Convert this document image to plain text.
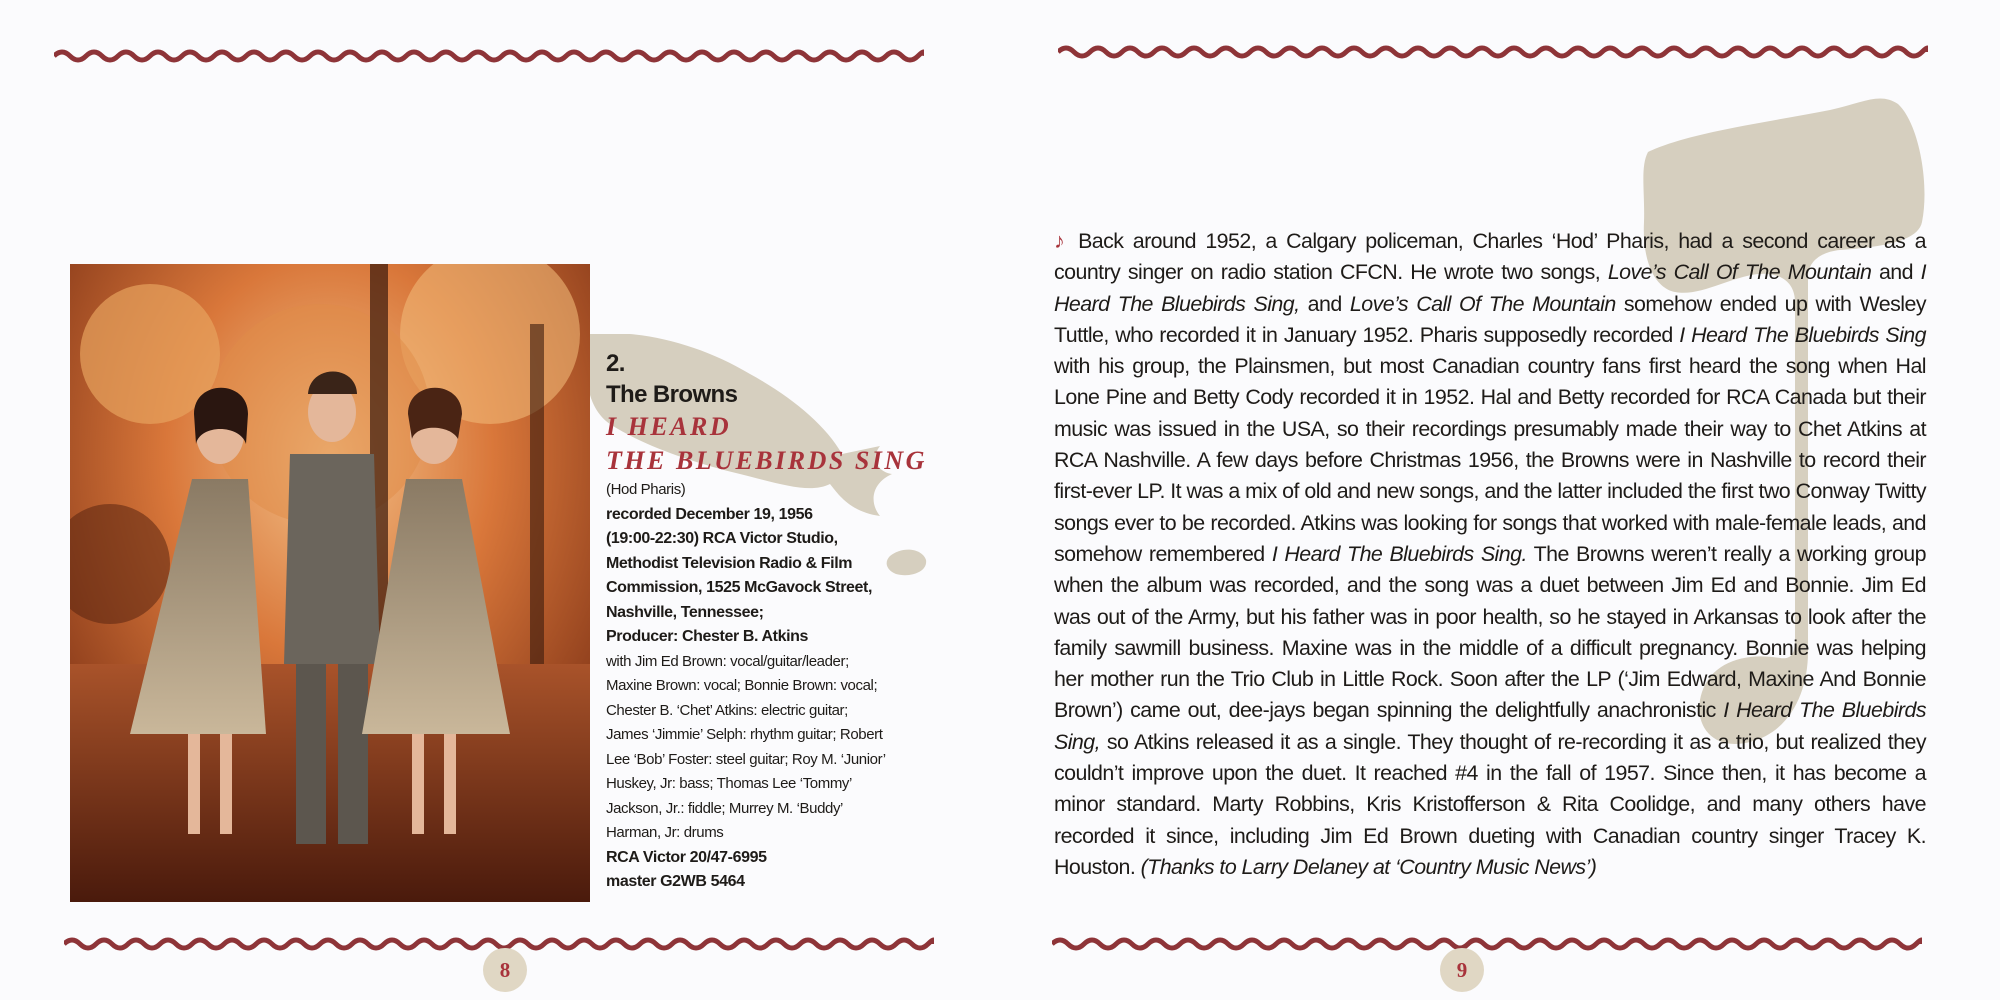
2.
The Browns
I HEARD
THE BLUEBIRDS SING
(Hod Pharis)
recorded December 19, 1956
(19:00-22:30) RCA Victor Studio,
Methodist Television Radio & Film
Commission, 1525 McGavock Street,
Nashville, Tennessee;
Producer: Chester B. Atkins
with Jim Ed Brown: vocal/guitar/leader;
Maxine Brown: vocal; Bonnie Brown: vocal;
Chester B. ‘Chet’ Atkins: electric guitar;
James ‘Jimmie’ Selph: rhythm guitar; Robert
Lee ‘Bob’ Foster: steel guitar; Roy M. ‘Junior’
Huskey, Jr: bass; Thomas Lee ‘Tommy’
Jackson, Jr.: fiddle; Murrey M. ‘Buddy’
Harman, Jr: drums
RCA Victor 20/47-6995
master G2WB 5464
♪ Back around 1952, a Calgary policeman, Charles ‘Hod’ Pharis, had a second career as a country singer on radio station CFCN. He wrote two songs, Love’s Call Of The Mountain and I Heard The Bluebirds Sing, and Love’s Call Of The Mountain somehow ended up with Wesley Tuttle, who recorded it in January 1952. Pharis supposedly recorded I Heard The Bluebirds Sing with his group, the Plainsmen, but most Canadian country fans first heard the song when Hal Lone Pine and Betty Cody recorded it in 1952. Hal and Betty recorded for RCA Canada but their music was issued in the USA, so their recordings presumably made their way to Chet Atkins at RCA Nashville. A few days before Christmas 1956, the Browns were in Nashville to record their first-ever LP. It was a mix of old and new songs, and the latter included the first two Conway Twitty songs ever to be recorded. Atkins was looking for songs that worked with male-female leads, and somehow remembered I Heard The Bluebirds Sing. The Browns weren’t really a working group when the album was recorded, and the song was a duet between Jim Ed and Bonnie. Jim Ed was out of the Army, but his father was in poor health, so he stayed in Arkansas to look after the family sawmill business. Maxine was in the middle of a difficult pregnancy. Bonnie was helping her mother run the Trio Club in Little Rock. Soon after the LP (‘Jim Edward, Maxine And Bonnie Brown’) came out, dee-jays began spinning the delightfully anachronistic I Heard The Bluebirds Sing, so Atkins released it as a single. They thought of re-recording it as a trio, but realized they couldn’t improve upon the duet. It reached #4 in the fall of 1957. Since then, it has become a minor standard. Marty Robbins, Kris Kristofferson & Rita Coolidge, and many others have recorded it since, including Jim Ed Brown dueting with Canadian country singer Tracey K. Houston. (Thanks to Larry Delaney at ‘Country Music News’)
8	9
